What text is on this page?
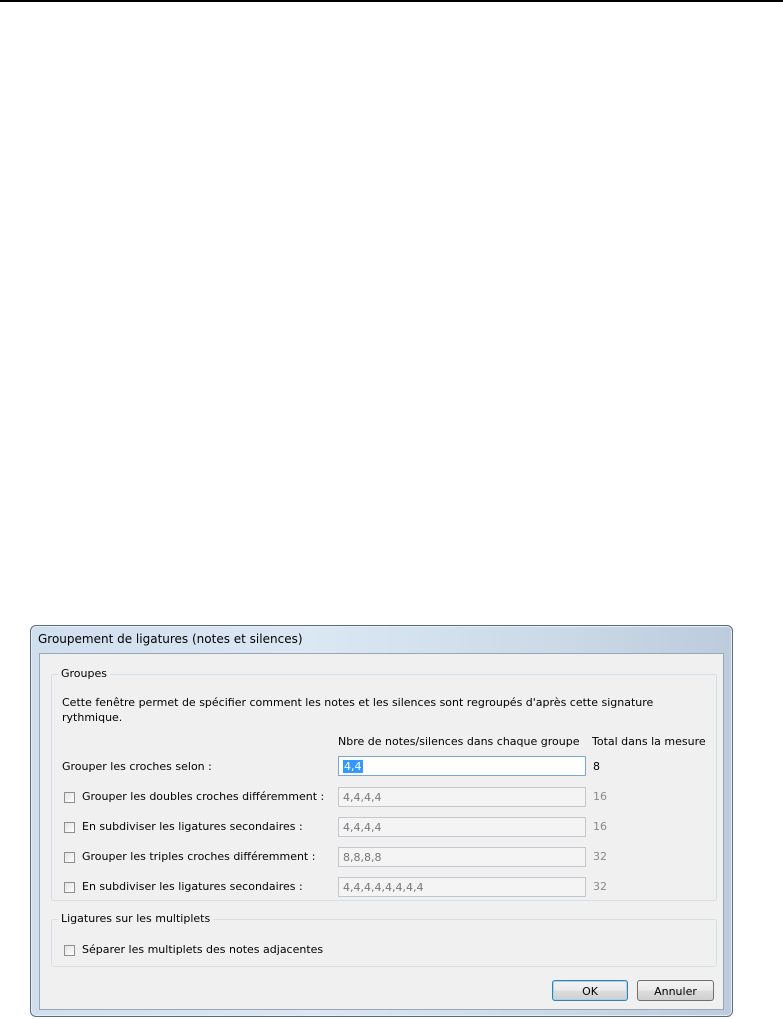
Groupement de ligatures (notes et silences)
Groupes
Cette fenêtre permet de spécifier comment les notes et les silences sont regroupés d'après cette signature rythmique.
Nbre de notes/silences dans chaque groupe Total dans la mesure
Grouper les croches selon :	4,4	8
Grouper les doubles croches différemment :	4,4,4,4	16
En subdiviser les ligatures secondaires :	4,4,4,4	16
Grouper les triples croches différemment :	8,8,8,8	32
En subdiviser les ligatures secondaires :	4,4,4,4,4,4,4,4	32
Ligatures sur les multiplets
Séparer les multiplets des notes adjacentes
OK	Annuler
